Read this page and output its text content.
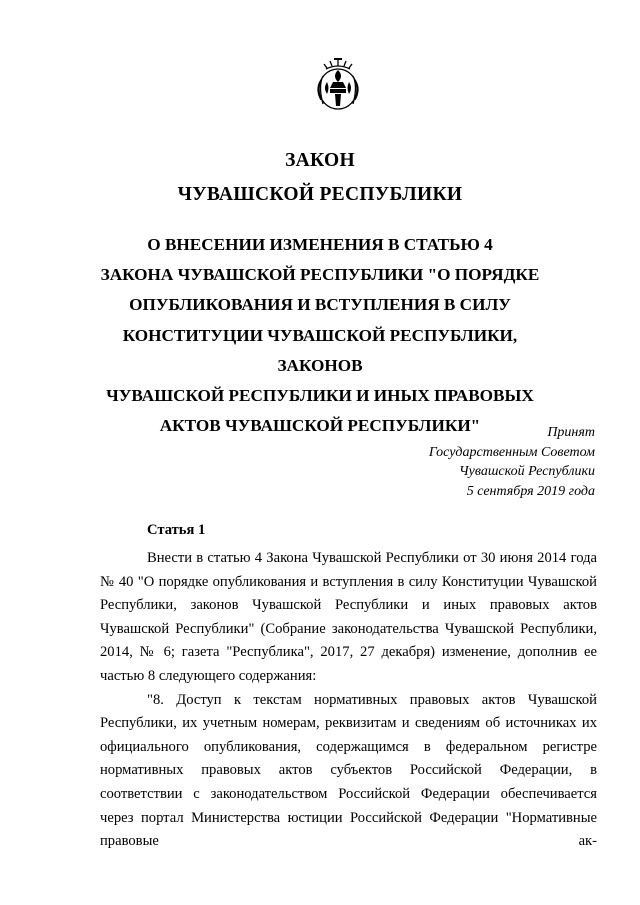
ЗАКОН
ЧУВАШСКОЙ РЕСПУБЛИКИ
О ВНЕСЕНИИ ИЗМЕНЕНИЯ В СТАТЬЮ 4
ЗАКОНА ЧУВАШСКОЙ РЕСПУБЛИКИ "О ПОРЯДКЕ
ОПУБЛИКОВАНИЯ И ВСТУПЛЕНИЯ В СИЛУ
КОНСТИТУЦИИ ЧУВАШСКОЙ РЕСПУБЛИКИ, ЗАКОНОВ
ЧУВАШСКОЙ РЕСПУБЛИКИ И ИНЫХ ПРАВОВЫХ
АКТОВ ЧУВАШСКОЙ РЕСПУБЛИКИ"	Принят
Государственным Советом
Чувашской Республики
5 сентября 2019 года
Статья 1

Внести в статью 4 Закона Чувашской Республики от 30 июня 2014 года № 40 "О порядке опубликования и вступления в силу Конституции Чувашской Республики, законов Чувашской Республики и иных правовых актов Чувашской Республики" (Собрание законодательства Чувашской Республики, 2014, № 6; газета "Республика", 2017, 27 декабря) изменение, дополнив ее частью 8 следующего содержания:

"8. Доступ к текстам нормативных правовых актов Чувашской Республики, их учетным номерам, реквизитам и сведениям об источниках их официального опубликования, содержащимся в федеральном регистре нормативных правовых актов субъектов Российской Федерации, в соответствии с законодательством Российской Федерации обеспечивается через портал Министерства юстиции Российской Федерации "Нормативные правовые ак-
